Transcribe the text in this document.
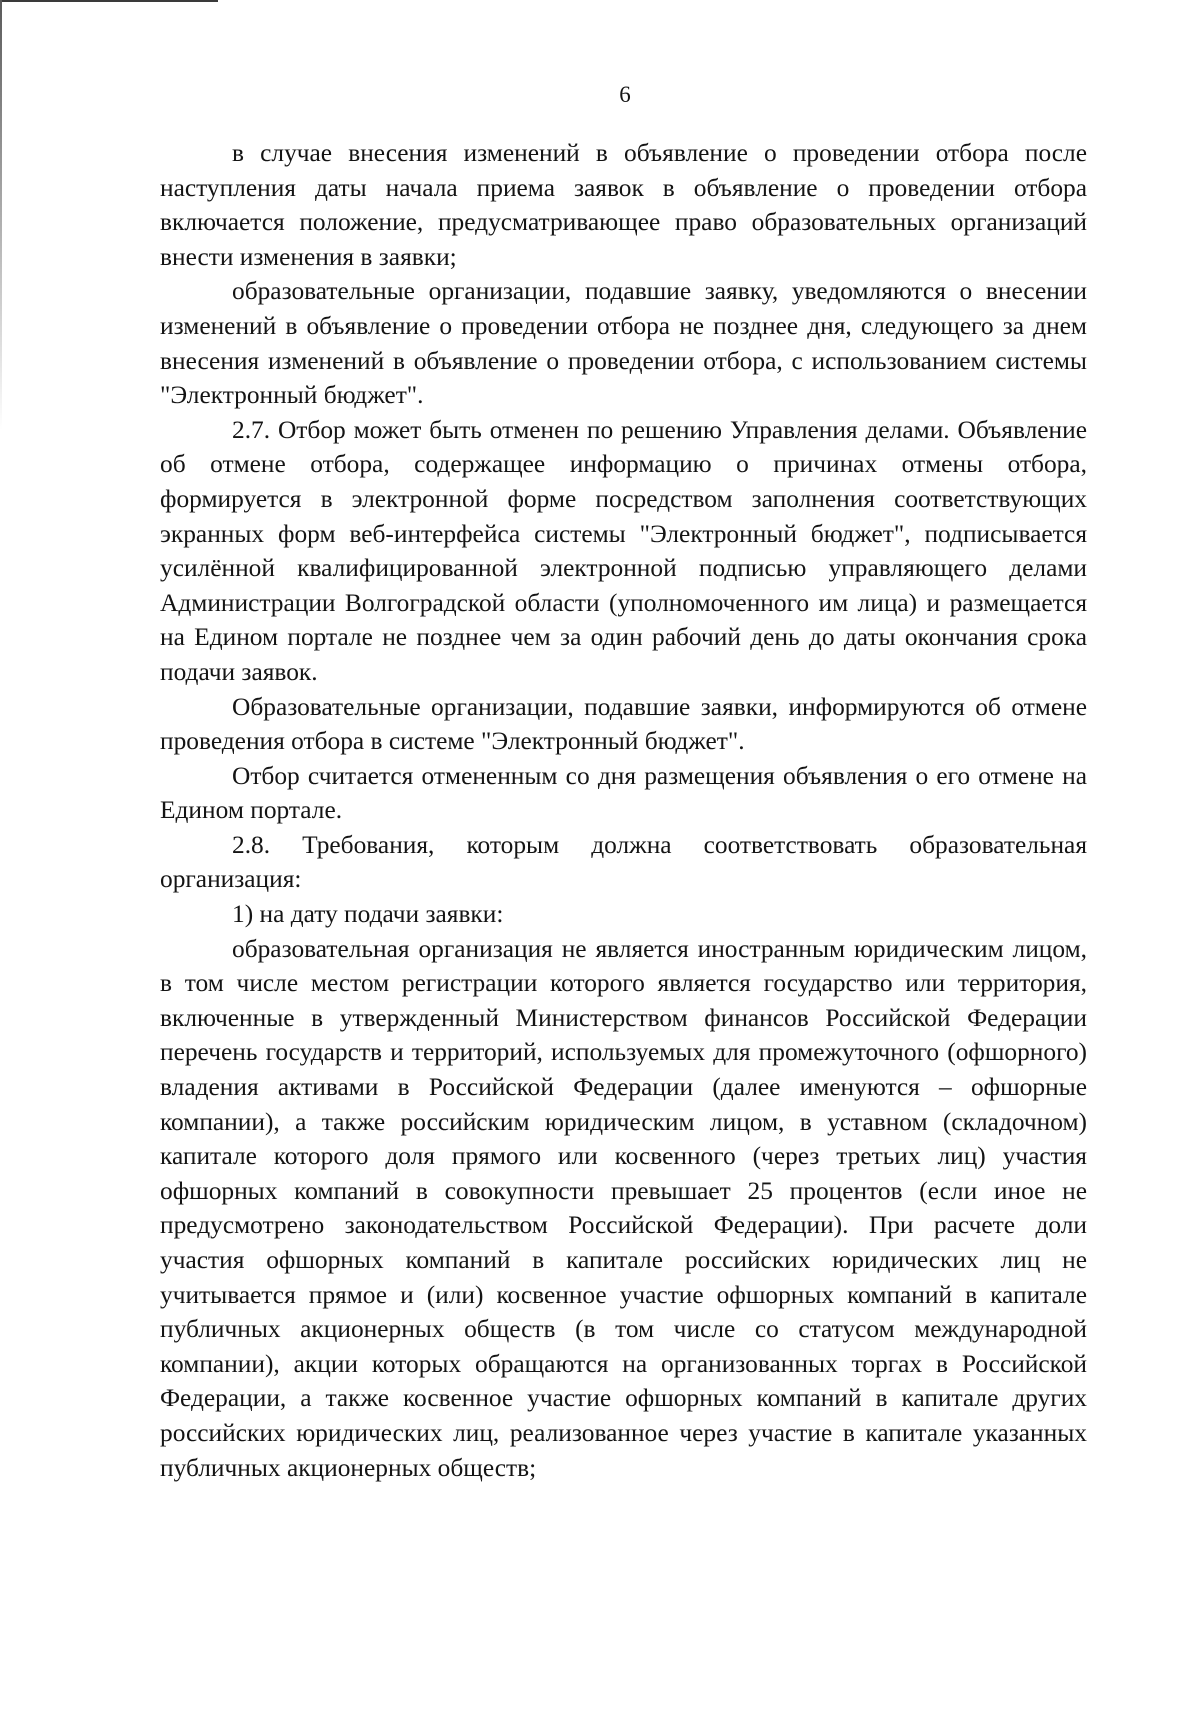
6

в случае внесения изменений в объявление о проведении отбора после наступления даты начала приема заявок в объявление о проведении отбора включается положение, предусматривающее право образовательных организаций внести изменения в заявки;

образовательные организации, подавшие заявку, уведомляются о внесении изменений в объявление о проведении отбора не позднее дня, следующего за днем внесения изменений в объявление о проведении отбора, с использованием системы "Электронный бюджет".

2.7. Отбор может быть отменен по решению Управления делами. Объявление об отмене отбора, содержащее информацию о причинах отмены отбора, формируется в электронной форме посредством заполнения соответствующих экранных форм веб-интерфейса системы "Электронный бюджет", подписывается усилённой квалифицированной электронной подписью управляющего делами Администрации Волгоградской области (уполномоченного им лица) и размещается на Едином портале не позднее чем за один рабочий день до даты окончания срока подачи заявок.

Образовательные организации, подавшие заявки, информируются об отмене проведения отбора в системе "Электронный бюджет".

Отбор считается отмененным со дня размещения объявления о его отмене на Едином портале.

2.8. Требования, которым должна соответствовать образовательная организация:

1) на дату подачи заявки:

образовательная организация не является иностранным юридическим лицом, в том числе местом регистрации которого является государство или территория, включенные в утвержденный Министерством финансов Российской Федерации перечень государств и территорий, используемых для промежуточного (офшорного) владения активами в Российской Федерации (далее именуются – офшорные компании), а также российским юридическим лицом, в уставном (складочном) капитале которого доля прямого или косвенного (через третьих лиц) участия офшорных компаний в совокупности превышает 25 процентов (если иное не предусмотрено законодательством Российской Федерации). При расчете доли участия офшорных компаний в капитале российских юридических лиц не учитывается прямое и (или) косвенное участие офшорных компаний в капитале публичных акционерных обществ (в том числе со статусом международной компании), акции которых обращаются на организованных торгах в Российской Федерации, а также косвенное участие офшорных компаний в капитале других российских юридических лиц, реализованное через участие в капитале указанных публичных акционерных обществ;
